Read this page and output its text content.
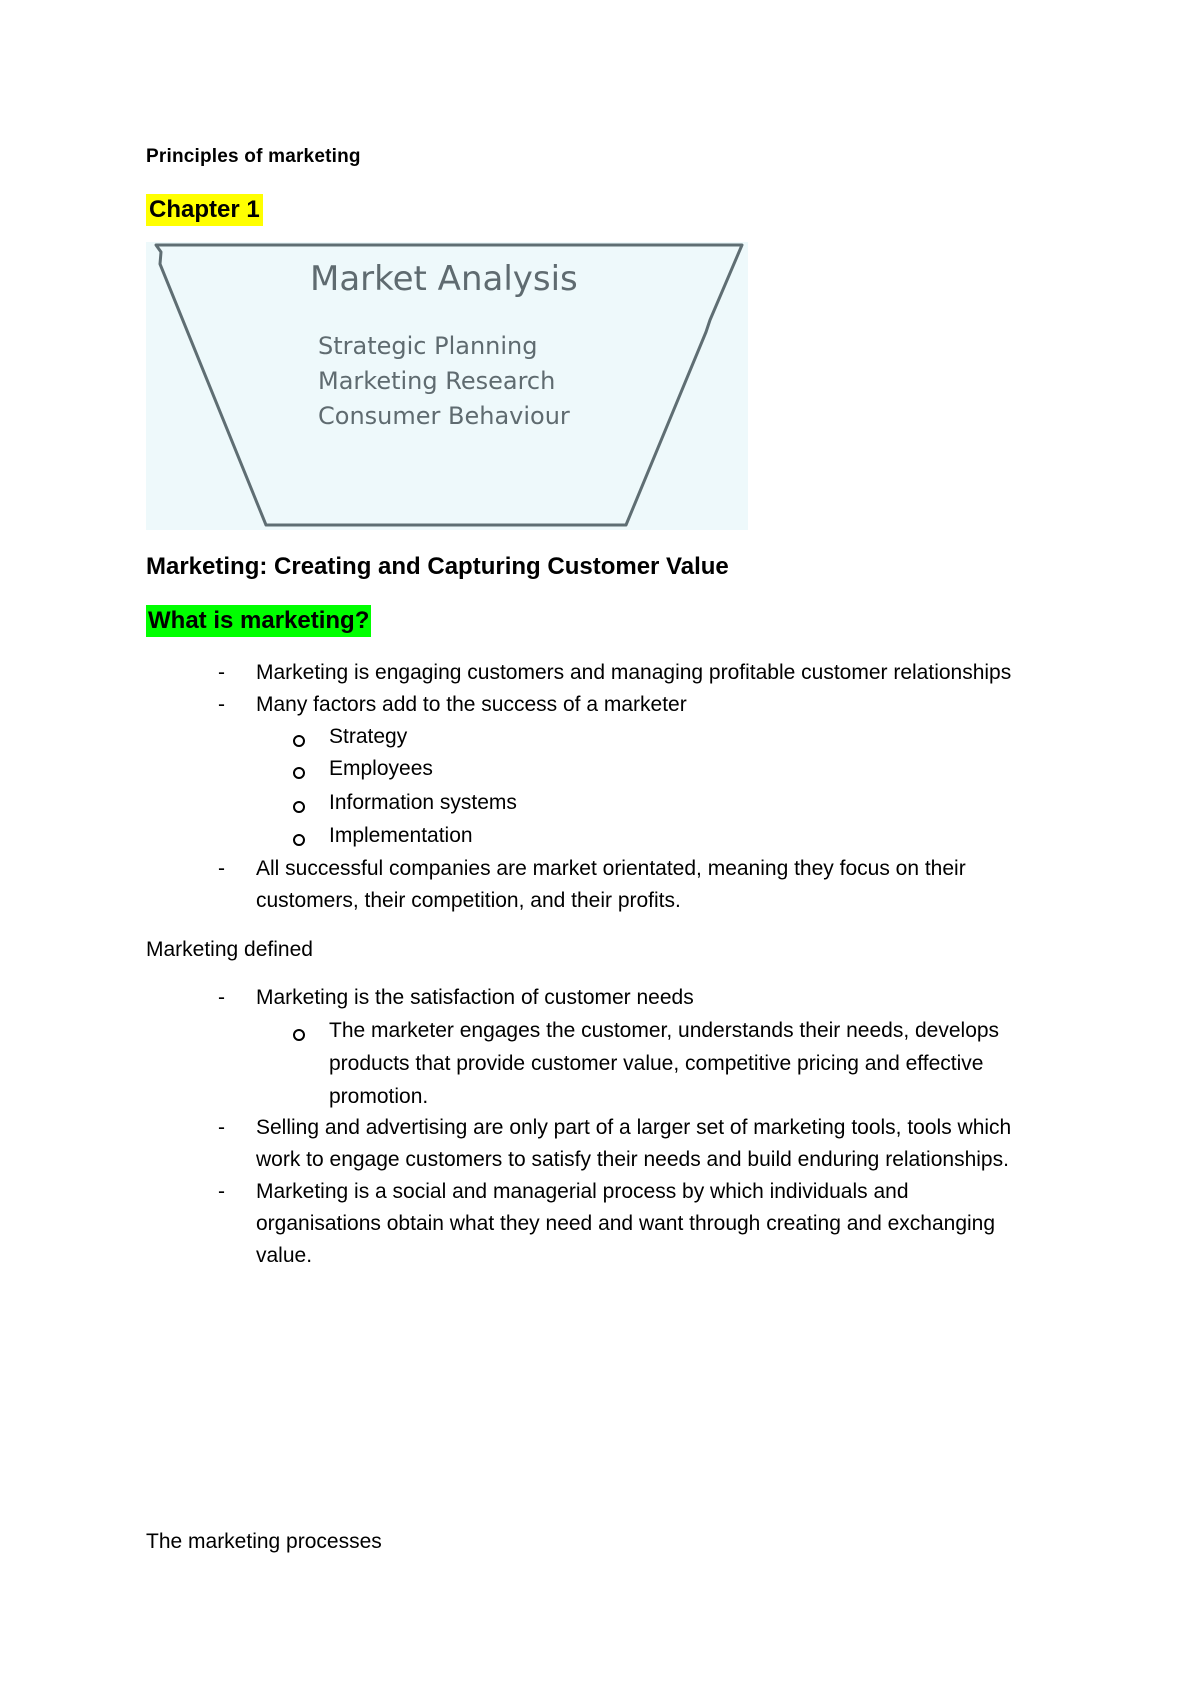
Principles of marketing
Chapter 1
Market Analysis
Strategic Planning
Marketing Research
Consumer Behaviour
Marketing: Creating and Capturing Customer Value
What is marketing?
- Marketing is engaging customers and managing profitable customer relationships
- Many factors add to the success of a marketer
Strategy
Employees
Information systems
Implementation
- All successful companies are market orientated, meaning they focus on their
customers, their competition, and their profits.
Marketing defined
- Marketing is the satisfaction of customer needs
The marketer engages the customer, understands their needs, develops
products that provide customer value, competitive pricing and effective
promotion.
- Selling and advertising are only part of a larger set of marketing tools, tools which
work to engage customers to satisfy their needs and build enduring relationships.
- Marketing is a social and managerial process by which individuals and
organisations obtain what they need and want through creating and exchanging
value.
The marketing processes
